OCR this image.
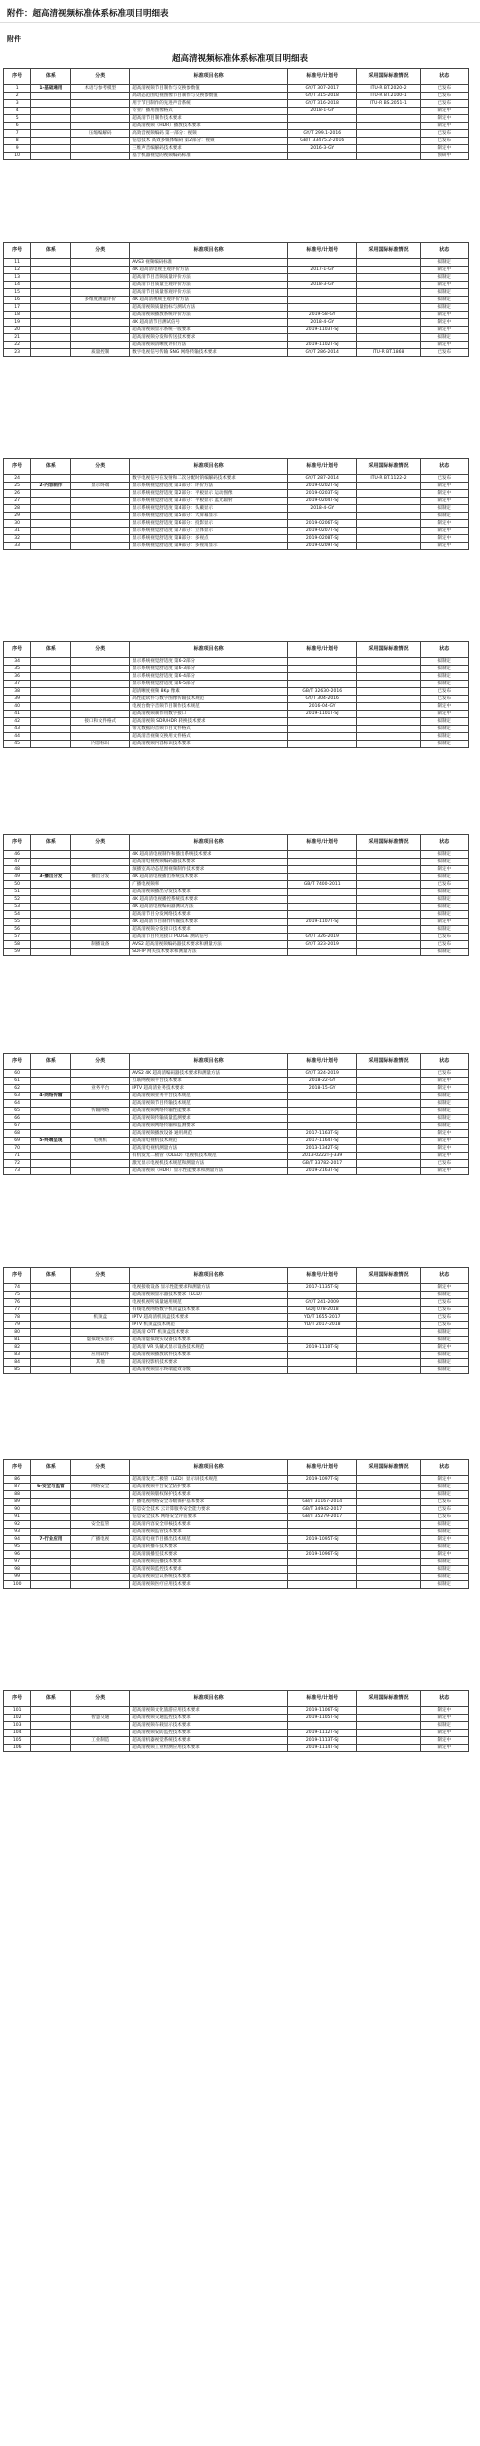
附件：超高清视频标准体系标准项目明细表
附件
超高清视频标准体系标准项目明细表
序号	体系	分类	标准项目名称	标准号/计划号	采用国际标准情况	状态
1	1-基础通用	术语与参考模型	超高清视频节目制作与交换参数值	GY/T 307-2017	ITU-R BT.2020-2	已发布
2			高动态范围电视图像节目制作与交换参数值	GY/T 315-2018	ITU-R BT.2100-1	已发布
3			用于节目制作的先进声音系统	GY/T 316-2018	ITU-R BS.2051-1	已发布
4			专业广播用图像格式	2018-1-GY		制定中
5			超高清节目制作技术要求			制定中
6			超高清视频（HDR）播放技术要求			制定中
7		压缩编解码	高效音视频编码 第一部分：视频	GY/T 299.1-2016		已发布
8			信息技术 高效多媒体编码 第2部分：视频	GB/T 33475.2-2016		已发布
9			三维声音编解码技术要求	2016-3-GY		制定中
10			基于机器视觉的视频编码标准			预研中
序号	体系	分类	标准项目名称	标准号/计划号	采用国际标准情况	状态
11			AVS3 视频编码标准			拟制定
12			4K 超高清电视主观评价方法	2017-1-GY		制定中
13			超高清节目音频质量评价方法			拟制定
14			超高清节目质量主观评价方法	2018-3-GY		制定中
15			超高清节目质量客观评价方法			拟制定
16		多维度测量评价	4K 超高清视频主观评价方法			拟制定
17			超高清视频质量指标与测试方法			拟制定
18			超高清视频播放系统评价方法	2019-58-GY		制定中
19			4K 超高清节目测试信号	2018-4-GY		制定中
20			超高清视频显示系统一般要求	2019-1103T-SJ		制定中
21			超高清视频分发和传送技术要求			拟制定
22			超高清视频清晰度评价方法	2019-1102T-SJ		制定中
23		质量控制	数字电视信号传输 SNG 网络传输技术要求	GY/T 286-2014	ITU-R BT.1868	已发布
序号	体系	分类	标准项目名称	标准号/计划号	采用国际标准情况	状态
24			数字电视信号在发射和二次分配时的编解码技术要求	GY/T 287-2014	ITU-R BT.1122-2	已发布
25	2-内容制作	显示终端	显示系统视觉舒适度 第1部分：评价方法	2019-0202T-SJ		制定中
26			显示系统视觉舒适度 第2部分：平板显示 运动图像	2019-0203T-SJ		制定中
27			显示系统视觉舒适度 第3部分：平板显示 蓝光辐射	2019-0204T-SJ		制定中
28			显示系统视觉舒适度 第4部分：头戴显示	2018-4-GY		拟制定
29			显示系统视觉舒适度 第5部分：大屏幕显示			拟制定
30			显示系统视觉舒适度 第6部分：投影显示	2019-0206T-SJ		制定中
31			显示系统视觉舒适度 第7部分：立体显示	2019-0207T-SJ		制定中
32			显示系统视觉舒适度 第8部分：多视点	2019-0208T-SJ		制定中
33			显示系统视觉舒适度 第9部分：多视角显示	2019-0209T-SJ		制定中
序号	体系	分类	标准项目名称	标准号/计划号	采用国际标准情况	状态
34			显示系统视觉舒适度 第6-2部分			拟制定
35			显示系统视觉舒适度 第6-3部分			拟制定
36			显示系统视觉舒适度 第6-4部分			拟制定
37			显示系统视觉舒适度 第6-5部分			拟制定
38			超清晰度视频 8Kp 像素	GB/T 32630-2016		已发布
39			高性能软件与数字图像传输技术规范	GY/T 304-2016		已发布
40			电视台数字音频节目制作技术规范	2016-04-GY		制定中
41			超高清视频制作用数字接口	2019-1101T-SJ		制定中
42		接口和文件格式	超高清视频 SDR/HDR 转换技术要求			拟制定
43			带元数据的音频节目文件格式			拟制定
44			超高清音视频交换用文件格式			拟制定
45		内容标识	超高清视频内容标识技术要求			拟制定
序号	体系	分类	标准项目名称	标准号/计划号	采用国际标准情况	状态
46			4K 超高清电视制作和播出系统技术要求			拟制定
47			超高清电视视频编码器技术要求			拟制定
48			演播室高动态范围视频制作技术要求			制定中
49	3-播出分发	播出分发	4K 超高清电视播出系统技术要求			拟制定
50			广播电视频率	GB/T 7400-2011		已发布
51			超高清视频播出分发技术要求			拟制定
52			4K 超高清电视播控系统技术要求			拟制定
53			4K 超高清电视编码器测试方法			拟制定
54			超高清节目分发网络技术要求			拟制定
55			4K 超高清节目制作传输技术要求	2019-1107T-SJ		制定中
56			超高清视频分发接口技术要求			拟制定
57			超高清节目传送接口 PLUGE 测试信号	GY/T 326-2019		已发布
58		制播设备	AVS2 超高清视频编码器技术要求和测量方法	GY/T 323-2019		已发布
59			SDI-IP 网关技术要求和测量方法			拟制定
序号	体系	分类	标准项目名称	标准号/计划号	采用国际标准情况	状态
60			AVS2 4K 超高清编码器技术要求和测量方法	GY/T 324-2019		已发布
61			互联网视频平台技术要求	2018-22-GY		制定中
62		业务平台	IPTV 超高清业务技术要求	2018-15-GY		制定中
63	4-网络传输		超高清视频业务平台技术规范			拟制定
64			超高清视频节目传输技术规范			拟制定
65		传输网络	超高清视频网络传输性能要求			拟制定
66			超高清视频传输质量监测要求			拟制定
67			超高清视频网络传输和监测要求			拟制定
68			超高清视频播放设备 通用规范	2017-1163T-SJ		制定中
69	5-终端呈现	电视机	超高清电视机技术规范	2017-1164T-SJ		制定中
70			超高清电视机测量方法	2013-1342T-SJ		制定中
71			有机发光二极管（OLED）电视机技术规范	2013-0222T-J-339		制定中
72			激光显示电视机技术规范和测量方法	GB/T 33782-2017		已发布
73			超高清视频（HDR）显示性能要求和测量方法	2019-2163T-SJ		制定中
序号	体系	分类	标准项目名称	标准号/计划号	采用国际标准情况	状态
74			电视接收设备 显示性能要求和测量方法	2017-1135T-SJ		制定中
75			超高清视频显示器技术要求（LCD）			拟制定
76			电视机视听质量通用规范	GY/T 241-2009		已发布
77			有线电视网络数字机顶盒技术要求	GD/J 078-2018		已发布
78		机顶盒	IPTV 超高清机顶盒技术要求	YD/T 1655-2017		已发布
79			IPTV 机顶盒技术规范	YD/T 2017-2018		已发布
80			超高清 OTT 机顶盒技术要求			拟制定
81		虚拟现实显示	超高清虚拟现实设备技术要求			拟制定
82			超高清 VR 头戴式显示设备技术规范	2019-1110T-SJ		制定中
83		应用软件	超高清视频播放软件技术要求			拟制定
84		其他	超高清投影机技术要求			拟制定
85			超高清视频显示终端能效等级			拟制定
序号	体系	分类	标准项目名称	标准号/计划号	采用国际标准情况	状态
86			超高清发光二极管（LED）显示屏技术规范	2019-1097T-SJ		制定中
87	6-安全与监管	网络安全	超高清视频平台安全防护要求			拟制定
88			超高清视频版权保护技术要求			拟制定
89			广播电视网络安全等级保护基本要求	GB/T 31167-2014		已发布
90			信息安全技术 云计算服务安全能力要求	GB/T 34942-2017		已发布
91			信息安全技术 网络安全评估要求	GB/T 35279-2017		已发布
92		安全监管	超高清内容安全审核技术要求			拟制定
93			超高清视频监管技术要求			拟制定
94	7-行业应用	广播电视	超高清电视节目播出技术规范	2019-1095T-SJ		制定中
95			超高清转播车技术要求			拟制定
96			超高清演播室技术要求	2019-1096T-SJ		制定中
97			超高清视频直播技术要求			拟制定
98			超高清视频监控技术要求			拟制定
99			超高清视频会议系统技术要求			拟制定
100			超高清视频医疗应用技术要求			拟制定
序号	体系	分类	标准项目名称	标准号/计划号	采用国际标准情况	状态
101			超高清视频文化旅游应用技术要求	2019-1106T-SJ		制定中
102		智慧交通	超高清视频交通监控技术要求	2019-1105T-SJ		制定中
103			超高清视频车载显示技术要求			拟制定
104			超高清视频安防监控技术要求	2019-1112T-SJ		制定中
105		工业制造	超高清机器视觉系统技术要求	2019-1113T-SJ		制定中
106			超高清视频工业检测应用技术要求	2019-1114T-SJ		制定中
